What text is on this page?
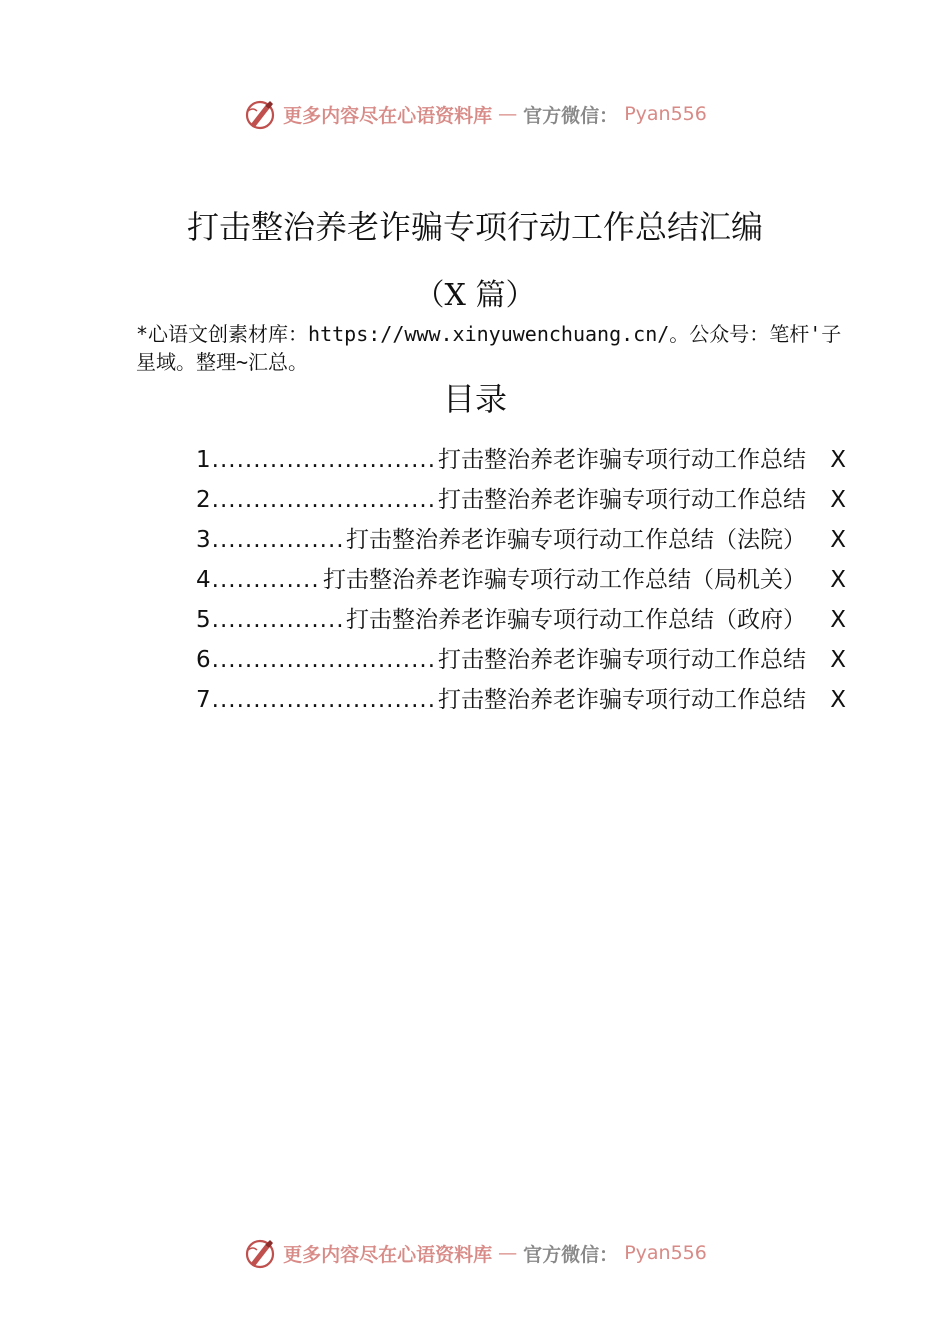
更多内容尽在心语资料库 — 官方微信： Pyan556
打击整治养老诈骗专项行动工作总结汇编
（X 篇）
*心语文创素材库：https://www.xinyuwenchuang.cn/。公众号：笔杆'子星域。整理~汇总。
目录
1 .....	打击整治养老诈骗专项行动工作总结	X
2 .....	打击整治养老诈骗专项行动工作总结	X
3 .....	打击整治养老诈骗专项行动工作总结（法院）	X
4 .....	打击整治养老诈骗专项行动工作总结（局机关）	X
5 .....	打击整治养老诈骗专项行动工作总结（政府）	X
6 .....	打击整治养老诈骗专项行动工作总结	X
7 .....	打击整治养老诈骗专项行动工作总结	X
更多内容尽在心语资料库 — 官方微信： Pyan556
